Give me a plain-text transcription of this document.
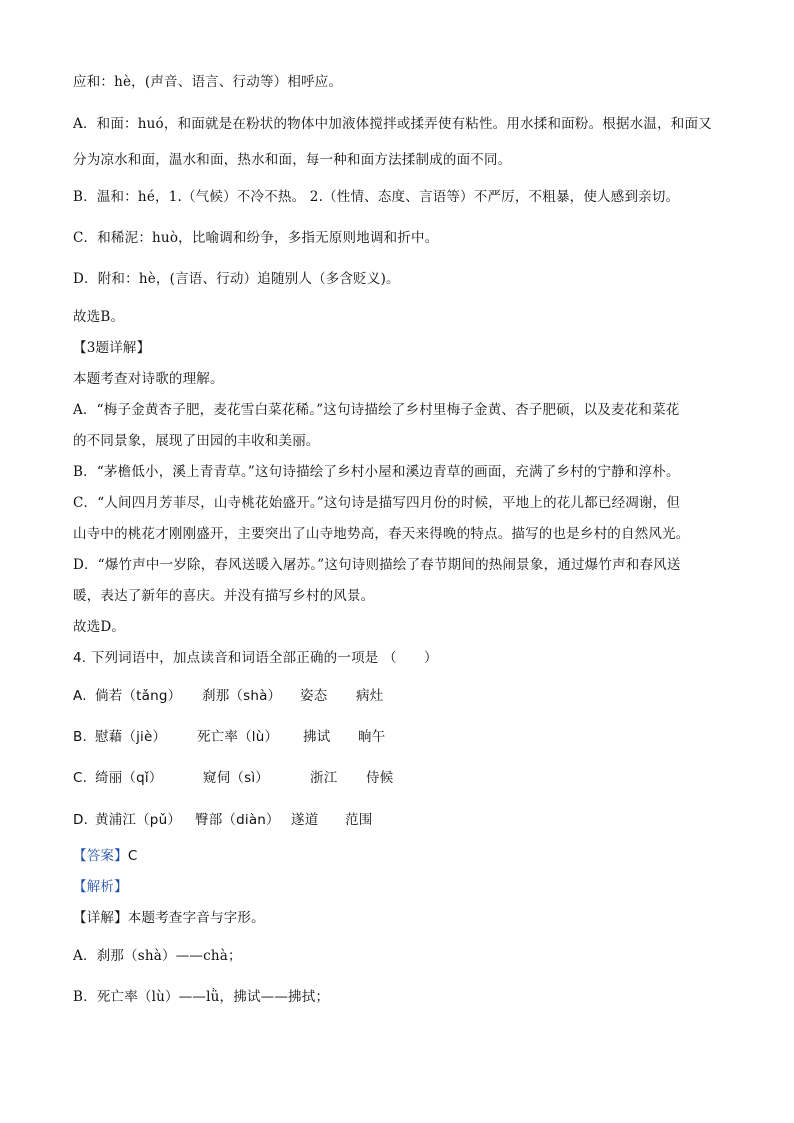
应和：hè，(声音、语言、行动等）相呼应。
A．和面：huó，和面就是在粉状的物体中加液体搅拌或揉弄使有粘性。用水揉和面粉。根据水温，和面又
分为凉水和面，温水和面，热水和面，每一种和面方法揉制成的面不同。
B．温和：hé，1.（气候）不冷不热。 2.（性情、态度、言语等）不严厉，不粗暴，使人感到亲切。
C．和稀泥：huò，比喻调和纷争，多指无原则地调和折中。
D．附和：hè，(言语、行动）追随别人（多含贬义)。
故选B。
【3题详解】
本题考查对诗歌的理解。
A．“梅子金黄杏子肥，麦花雪白菜花稀。”这句诗描绘了乡村里梅子金黄、杏子肥硕，以及麦花和菜花
的不同景象，展现了田园的丰收和美丽。
B．“茅檐低小，溪上青青草。”这句诗描绘了乡村小屋和溪边青草的画面，充满了乡村的宁静和淳朴。
C．“人间四月芳菲尽，山寺桃花始盛开。”这句诗是描写四月份的时候，平地上的花儿都已经凋谢，但
山寺中的桃花才刚刚盛开，主要突出了山寺地势高，春天来得晚的特点。描写的也是乡村的自然风光。
D．“爆竹声中一岁除，春风送暖入屠苏。”这句诗则描绘了春节期间的热闹景象，通过爆竹声和春风送
暖，表达了新年的喜庆。并没有描写乡村的风景。
故选D。
4. 下列词语中，加点读音和词语全部正确的一项是 （　　）
A. 倘若（tǎng） 刹那（shà） 姿态 病灶
B. 慰藉（jiè） 死亡率（lù） 拂试 晌午
C. 绮丽（qǐ）	窥伺（sì）	浙江 侍候
D. 黄浦江（pǔ） 臀部（diàn） 遂道 范围
【答案】C
【解析】
【详解】本题考查字音与字形。
A．刹那（shà）——chà；
B．死亡率（lù）——lǜ，拂试——拂拭；
